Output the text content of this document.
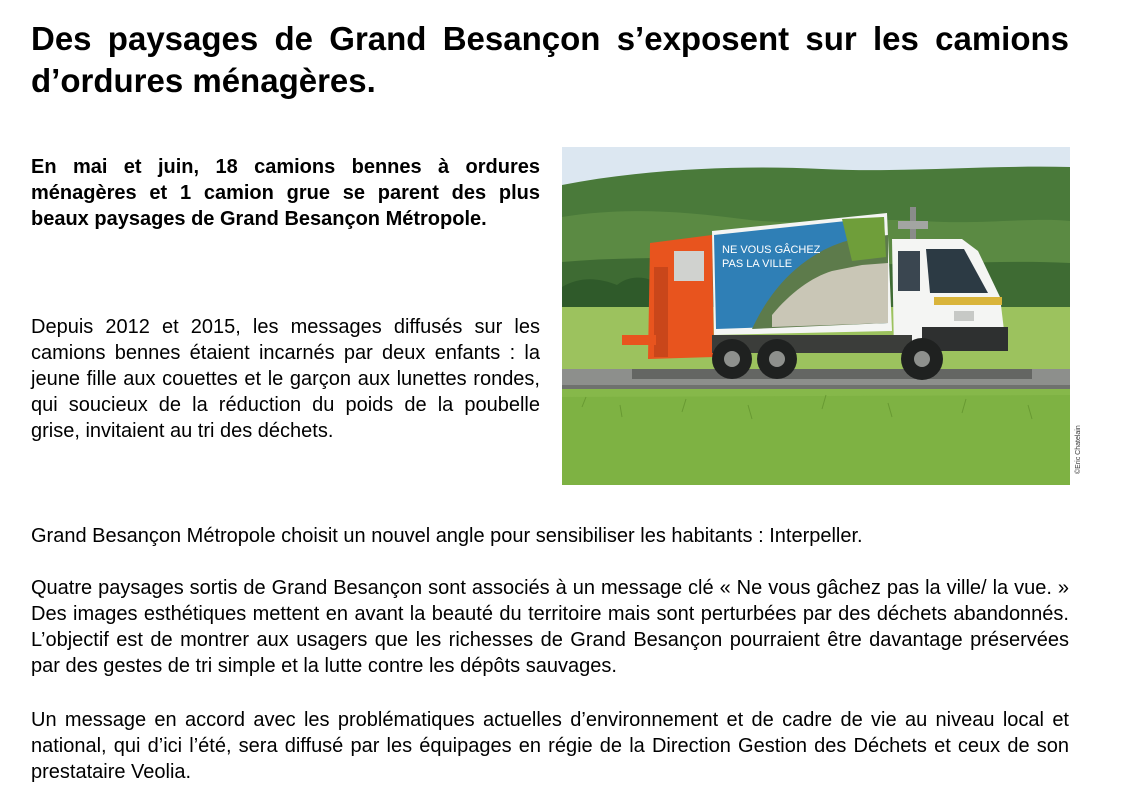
Des paysages de Grand Besançon s’exposent sur les camions d’ordures ménagères.

En mai et juin, 18 camions bennes à ordures ménagères et 1 camion grue se parent des plus beaux paysages de Grand Besançon Métropole.

Depuis 2012 et 2015, les messages diffusés sur les camions bennes étaient incarnés par deux enfants : la jeune fille aux couettes et le garçon aux lunettes rondes, qui soucieux de la réduction du poids de la poubelle grise, invitaient au tri des déchets.

NE VOUS GÂCHEZ
PAS LA VILLE
©Eric Chatelain

Grand Besançon Métropole choisit un nouvel angle pour sensibiliser les habitants : Interpeller.

Quatre paysages sortis de Grand Besançon sont associés à un message clé « Ne vous gâchez pas la ville/ la vue. » Des images esthétiques mettent en avant la beauté du territoire mais sont perturbées par des déchets abandonnés. L’objectif est de montrer aux usagers que les richesses de Grand Besançon pourraient être davantage préservées par des gestes de tri simple et la lutte contre les dépôts sauvages.

Un message en accord avec les problématiques actuelles d’environnement et de cadre de vie au niveau local et national, qui d’ici l’été, sera diffusé par les équipages en régie de la Direction Gestion des Déchets et ceux de son prestataire Veolia.
